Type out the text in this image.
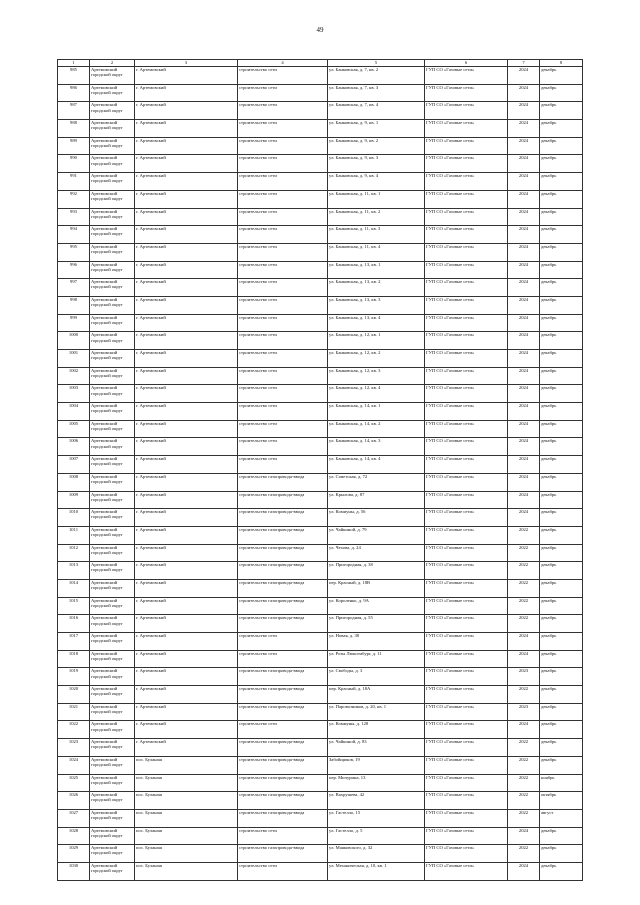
49
1	2	3	4	5	6	7	8
985	Артемовский городской округ	г. Артемовский	строительство сети	ул. Банковская, д. 7, кв. 2	ГУП СО «Газовые сети»	2024	декабрь
986	Артемовский городской округ	г. Артемовский	строительство сети	ул. Банковская, д. 7, кв. 3	ГУП СО «Газовые сети»	2024	декабрь
987	Артемовский городской округ	г. Артемовский	строительство сети	ул. Банковская, д. 7, кв. 4	ГУП СО «Газовые сети»	2024	декабрь
988	Артемовский городской округ	г. Артемовский	строительство сети	ул. Банковская, д. 9, кв. 1	ГУП СО «Газовые сети»	2024	декабрь
989	Артемовский городской округ	г. Артемовский	строительство сети	ул. Банковская, д. 9, кв. 2	ГУП СО «Газовые сети»	2024	декабрь
990	Артемовский городской округ	г. Артемовский	строительство сети	ул. Банковская, д. 9, кв. 3	ГУП СО «Газовые сети»	2024	декабрь
991	Артемовский городской округ	г. Артемовский	строительство сети	ул. Банковская, д. 9, кв. 4	ГУП СО «Газовые сети»	2024	декабрь
992	Артемовский городской округ	г. Артемовский	строительство сети	ул. Банковская, д. 11, кв. 1	ГУП СО «Газовые сети»	2024	декабрь
993	Артемовский городской округ	г. Артемовский	строительство сети	ул. Банковская, д. 11, кв. 2	ГУП СО «Газовые сети»	2024	декабрь
994	Артемовский городской округ	г. Артемовский	строительство сети	ул. Банковская, д. 11, кв. 3	ГУП СО «Газовые сети»	2024	декабрь
995	Артемовский городской округ	г. Артемовский	строительство сети	ул. Банковская, д. 11, кв. 4	ГУП СО «Газовые сети»	2024	декабрь
996	Артемовский городской округ	г. Артемовский	строительство сети	ул. Банковская, д. 13, кв. 1	ГУП СО «Газовые сети»	2024	декабрь
997	Артемовский городской округ	г. Артемовский	строительство сети	ул. Банковская, д. 13, кв. 2	ГУП СО «Газовые сети»	2024	декабрь
998	Артемовский городской округ	г. Артемовский	строительство сети	ул. Банковская, д. 13, кв. 3	ГУП СО «Газовые сети»	2024	декабрь
999	Артемовский городской округ	г. Артемовский	строительство сети	ул. Банковская, д. 13, кв. 4	ГУП СО «Газовые сети»	2024	декабрь
1000	Артемовский городской округ	г. Артемовский	строительство сети	ул. Банковская, д. 12, кв. 1	ГУП СО «Газовые сети»	2024	декабрь
1001	Артемовский городской округ	г. Артемовский	строительство сети	ул. Банковская, д. 12, кв. 2	ГУП СО «Газовые сети»	2024	декабрь
1002	Артемовский городской округ	г. Артемовский	строительство сети	ул. Банковская, д. 12, кв. 3	ГУП СО «Газовые сети»	2024	декабрь
1003	Артемовский городской округ	г. Артемовский	строительство сети	ул. Банковская, д. 12, кв. 4	ГУП СО «Газовые сети»	2024	декабрь
1004	Артемовский городской округ	г. Артемовский	строительство сети	ул. Банковская, д. 14, кв. 1	ГУП СО «Газовые сети»	2024	декабрь
1005	Артемовский городской округ	г. Артемовский	строительство сети	ул. Банковская, д. 14, кв. 2	ГУП СО «Газовые сети»	2024	декабрь
1006	Артемовский городской округ	г. Артемовский	строительство сети	ул. Банковская, д. 14, кв. 3	ГУП СО «Газовые сети»	2024	декабрь
1007	Артемовский городской округ	г. Артемовский	строительство сети	ул. Банковская, д. 14, кв. 4	ГУП СО «Газовые сети»	2024	декабрь
1008	Артемовский городской округ	г. Артемовский	строительство газопровода-ввода	ул. Советская, д. 72	ГУП СО «Газовые сети»	2024	декабрь
1009	Артемовский городской округ	г. Артемовский	строительство газопровода-ввода	ул. Крылова, д. 87	ГУП СО «Газовые сети»	2024	декабрь
1010	Артемовский городской округ	г. Артемовский	строительство газопровода-ввода	ул. Комиуны, д. 56	ГУП СО «Газовые сети»	2024	декабрь
1011	Артемовский городской округ	г. Артемовский	строительство газопровода-ввода	ул. Чайкиной, д. 79	ГУП СО «Газовые сети»	2022	декабрь
1012	Артемовский городской округ	г. Артемовский	строительство газопровода-ввода	ул. Чехова, д. 24	ГУП СО «Газовые сети»	2022	декабрь
1013	Артемовский городской округ	г. Артемовский	строительство газопровода-ввода	ул. Пригородная, д. 38	ГУП СО «Газовые сети»	2022	декабрь
1014	Артемовский городской округ	г. Артемовский	строительство газопровода-ввода	пер. Красный, д. 18В	ГУП СО «Газовые сети»	2022	декабрь
1015	Артемовский городской округ	г. Артемовский	строительство газопровода-ввода	ул. Короленко, д. 9А	ГУП СО «Газовые сети»	2022	декабрь
1016	Артемовский городской округ	г. Артемовский	строительство газопровода-ввода	ул. Пригородная, д. 55	ГУП СО «Газовые сети»	2022	декабрь
1017	Артемовский городской округ	г. Артемовский	строительство сети	ул. Новая, д. 38	ГУП СО «Газовые сети»	2024	декабрь
1018	Артемовский городской округ	г. Артемовский	строительство сети	ул. Розы Люксембург, д. 11	ГУП СО «Газовые сети»	2024	декабрь
1019	Артемовский городской округ	г. Артемовский	строительство газопровода-ввода	ул. Свободы, д. 3	ГУП СО «Газовые сети»	2023	декабрь
1020	Артемовский городской округ	г. Артемовский	строительство газопровода-ввода	пер. Красный, д. 18А	ГУП СО «Газовые сети»	2022	декабрь
1021	Артемовский городской округ	г. Артемовский	строительство газопровода-ввода	ул. Паровозников, д. 20, кв. 1	ГУП СО «Газовые сети»	2023	декабрь
1022	Артемовский городской округ	г. Артемовский	строительство сети	ул. Коммуны, д. 128	ГУП СО «Газовые сети»	2024	декабрь
1023	Артемовский городской округ	г. Артемовский	строительство газопровода-ввода	ул. Чайкиной, д. 83	ГУП СО «Газовые сети»	2022	декабрь
1024	Артемовский городской округ	пос. Буланаш	строительство газопровода-ввода	Забойщиков, 19	ГУП СО «Газовые сети»	2022	декабрь
1025	Артемовский городской округ	пос. Буланаш	строительство газопровода-ввода	пер. Мичурина, 13	ГУП СО «Газовые сети»	2022	ноябрь
1026	Артемовский городской округ	пос. Буланаш	строительство газопровода-ввода	ул. Вахрушева, 42	ГУП СО «Газовые сети»	2022	октябрь
1027	Артемовский городской округ	пос. Буланаш	строительство газопровода-ввода	ул. Гастелло, 15	ГУП СО «Газовые сети»	2022	август
1028	Артемовский городской округ	пос. Буланаш	строительство сети	ул. Гастелло, д. 5	ГУП СО «Газовые сети»	2024	декабрь
1029	Артемовский городской округ	пос. Буланаш	строительство газопровода-ввода	ул. Маяковского, д. 32	ГУП СО «Газовые сети»	2022	декабрь
1030	Артемовский городской округ	пос. Буланаш	строительство сети	ул. Механическая, д. 10, кв. 1	ГУП СО «Газовые сети»	2024	декабрь
